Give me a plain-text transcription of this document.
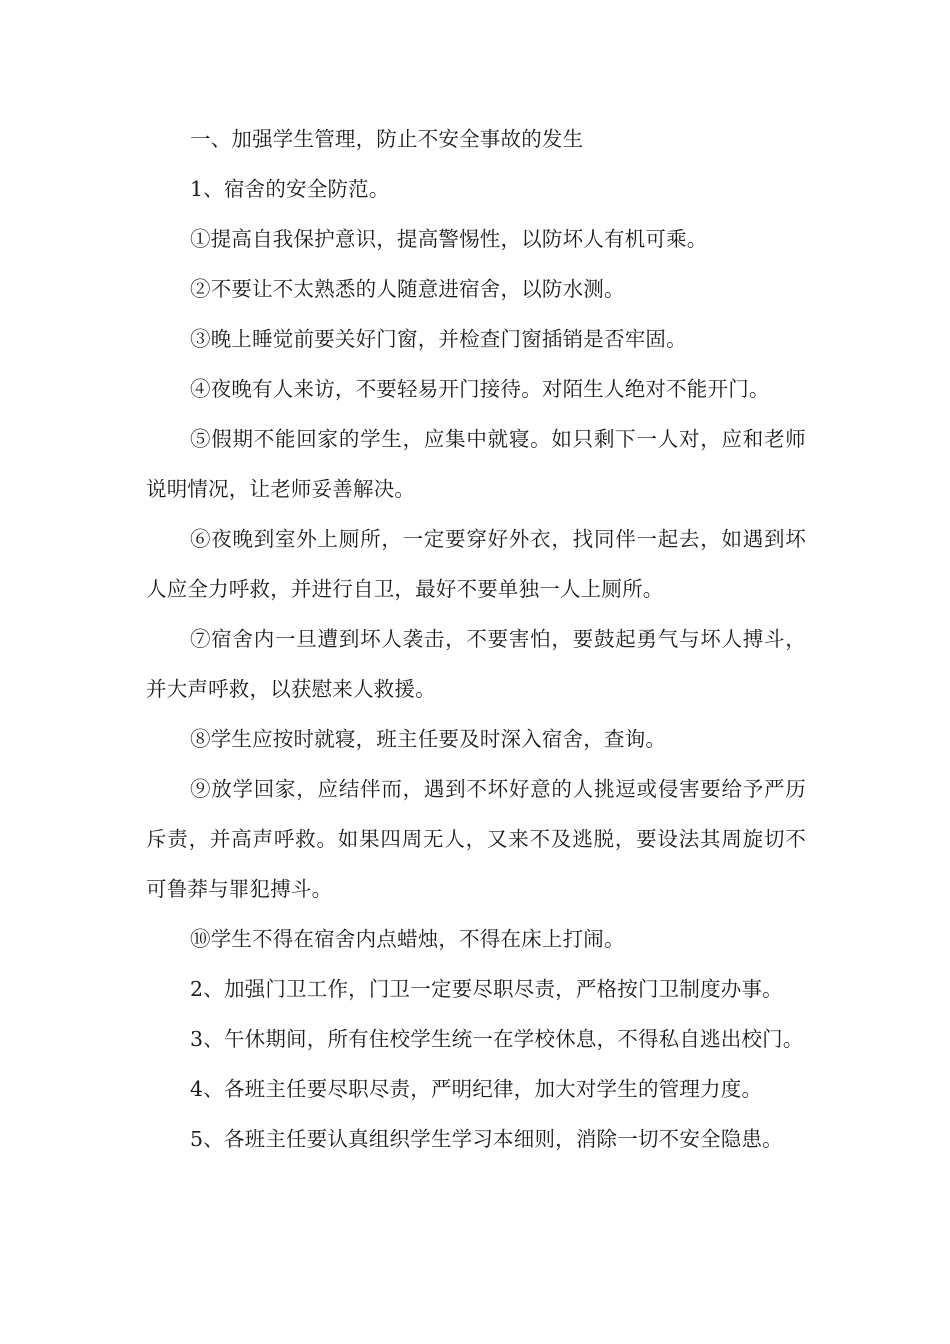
一、加强学生管理，防止不安全事故的发生

1、宿舍的安全防范。

①提高自我保护意识，提高警惕性，以防坏人有机可乘。

②不要让不太熟悉的人随意进宿舍，以防水测。

③晚上睡觉前要关好门窗，并检查门窗插销是否牢固。

④夜晚有人来访，不要轻易开门接待。对陌生人绝对不能开门。

⑤假期不能回家的学生，应集中就寝。如只剩下一人对，应和老师说明情况，让老师妥善解决。

⑥夜晚到室外上厕所，一定要穿好外衣，找同伴一起去，如遇到坏人应全力呼救，并进行自卫，最好不要单独一人上厕所。

⑦宿舍内一旦遭到坏人袭击，不要害怕，要鼓起勇气与坏人搏斗，并大声呼救，以获慰来人救援。

⑧学生应按时就寝，班主任要及时深入宿舍，查询。

⑨放学回家，应结伴而，遇到不坏好意的人挑逗或侵害要给予严历斥责，并高声呼救。如果四周无人，又来不及逃脱，要设法其周旋切不可鲁莽与罪犯搏斗。

⑩学生不得在宿舍内点蜡烛，不得在床上打闹。

2、加强门卫工作，门卫一定要尽职尽责，严格按门卫制度办事。

3、午休期间，所有住校学生统一在学校休息，不得私自逃出校门。

4、各班主任要尽职尽责，严明纪律，加大对学生的管理力度。

5、各班主任要认真组织学生学习本细则，消除一切不安全隐患。
